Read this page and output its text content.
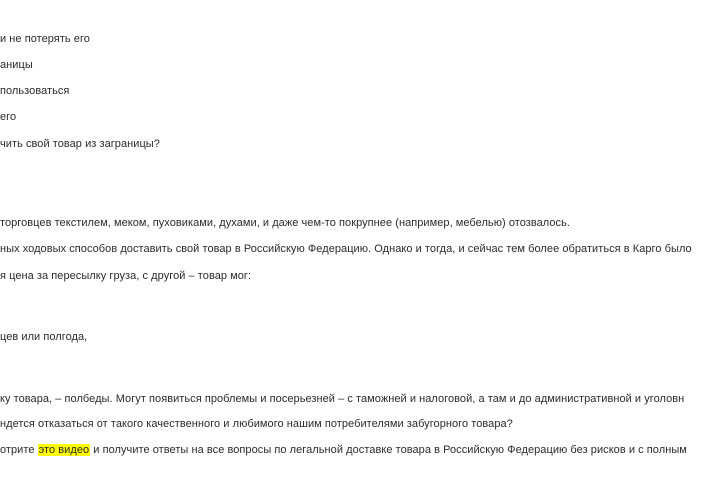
и не потерять его
аницы
пользоваться
его
чить свой товар из заграницы?
торговцев текстилем, меком, пуховиками, духами, и даже чем-то покрупнее (например, мебелью) отозвалось.
ных ходовых способов доставить свой товар в Российскую Федерацию. Однако и тогда, и сейчас тем более обратиться в Карго было
я цена за пересылку груза, с другой – товар мог:
цев или полгода,
ку товара, – полбеды. Могут появиться проблемы и посерьезней – с таможней и налоговой, а там и до административной и уголовн
ндется отказаться от такого качественного и любимого нашим потребителями забугорного товара?
отрите это видео и получите ответы на все вопросы по легальной доставке товара в Российскую Федерацию без рисков и с полным
